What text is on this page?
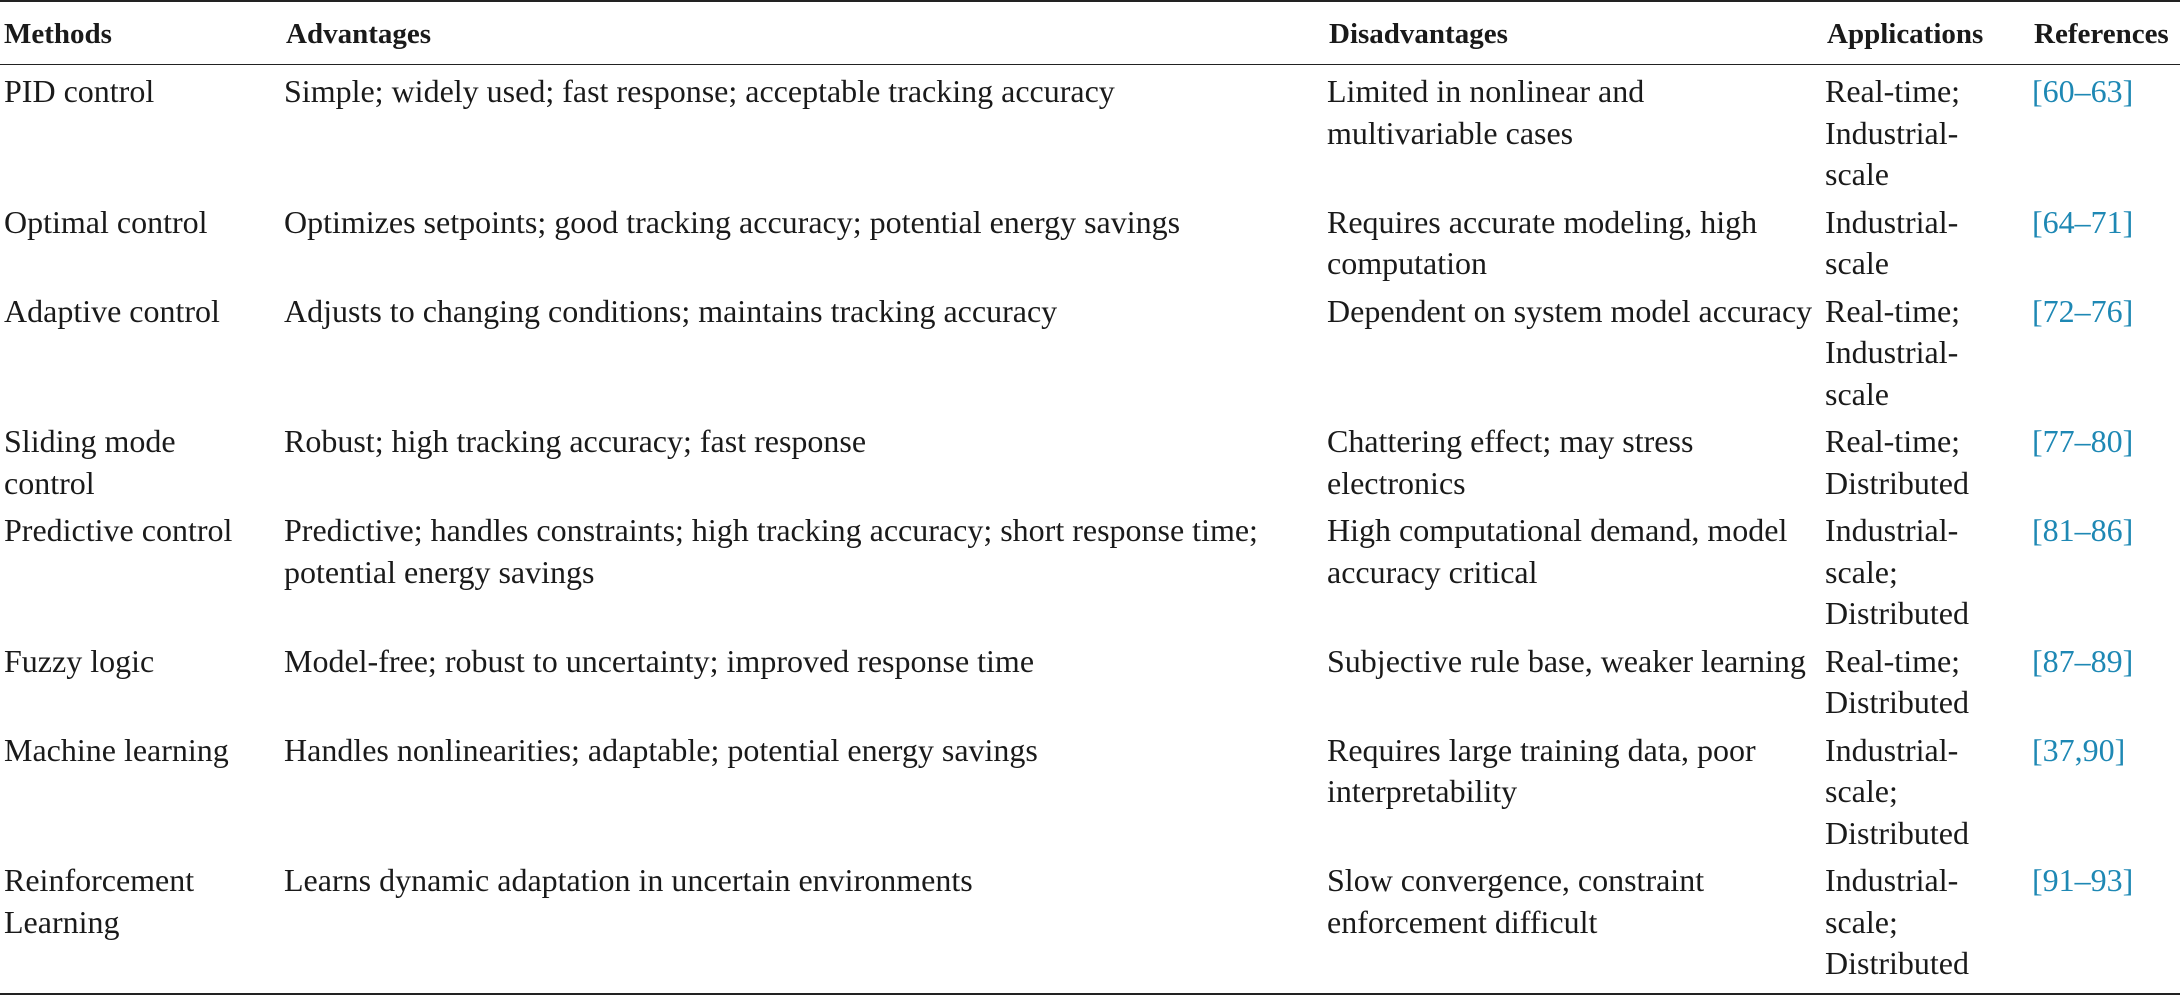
Methods	Advantages	Disadvantages	Applications	References
PID control	Simple; widely used; fast response; acceptable tracking accuracy	Limited in nonlinear and multivariable cases	Real-time; Industrial-scale	[60–63]
Optimal control	Optimizes setpoints; good tracking accuracy; potential energy savings	Requires accurate modeling, high computation	Industrial-scale	[64–71]
Adaptive control	Adjusts to changing conditions; maintains tracking accuracy	Dependent on system model accuracy	Real-time; Industrial-scale	[72–76]
Sliding mode control	Robust; high tracking accuracy; fast response	Chattering effect; may stress electronics	Real-time; Distributed	[77–80]
Predictive control	Predictive; handles constraints; high tracking accuracy; short response time; potential energy savings	High computational demand, model accuracy critical	Industrial-scale; Distributed	[81–86]
Fuzzy logic	Model-free; robust to uncertainty; improved response time	Subjective rule base, weaker learning	Real-time; Distributed	[87–89]
Machine learning	Handles nonlinearities; adaptable; potential energy savings	Requires large training data, poor interpretability	Industrial-scale; Distributed	[37,90]
Reinforcement Learning	Learns dynamic adaptation in uncertain environments	Slow convergence, constraint enforcement difficult	Industrial-scale; Distributed	[91–93]
